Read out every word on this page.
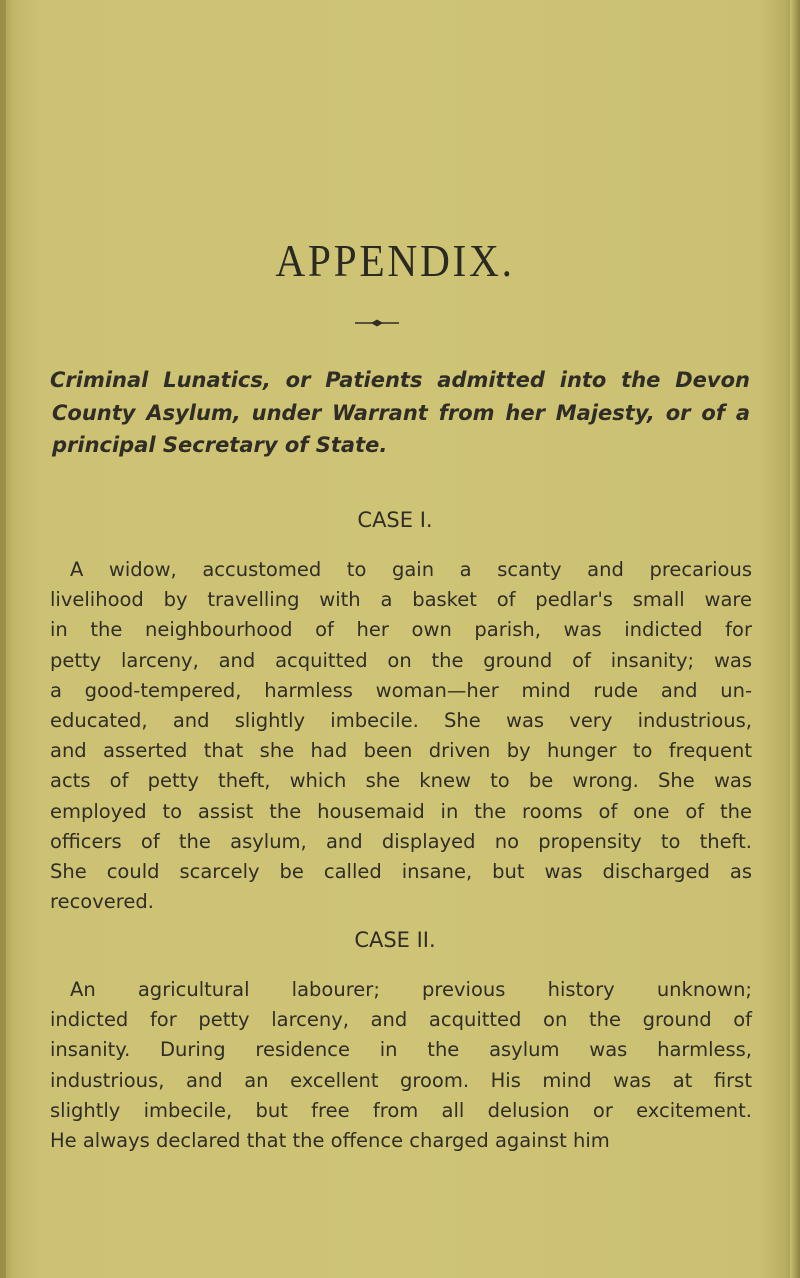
APPENDIX.
Criminal Lunatics, or Patients admitted into the Devon
County Asylum, under Warrant from her Majesty, or of a
principal Secretary of State.
CASE I.
A widow, accustomed to gain a scanty and precarious
livelihood by travelling with a basket of pedlar's small ware
in the neighbourhood of her own parish, was indicted for
petty larceny, and acquitted on the ground of insanity; was
a good-tempered, harmless woman—her mind rude and un-
educated, and slightly imbecile. She was very industrious,
and asserted that she had been driven by hunger to frequent
acts of petty theft, which she knew to be wrong. She was
employed to assist the housemaid in the rooms of one of the
officers of the asylum, and displayed no propensity to theft.
She could scarcely be called insane, but was discharged as
recovered.
CASE II.
An agricultural labourer; previous history unknown;
indicted for petty larceny, and acquitted on the ground of
insanity. During residence in the asylum was harmless,
industrious, and an excellent groom. His mind was at first
slightly imbecile, but free from all delusion or excitement.
He always declared that the offence charged against him
